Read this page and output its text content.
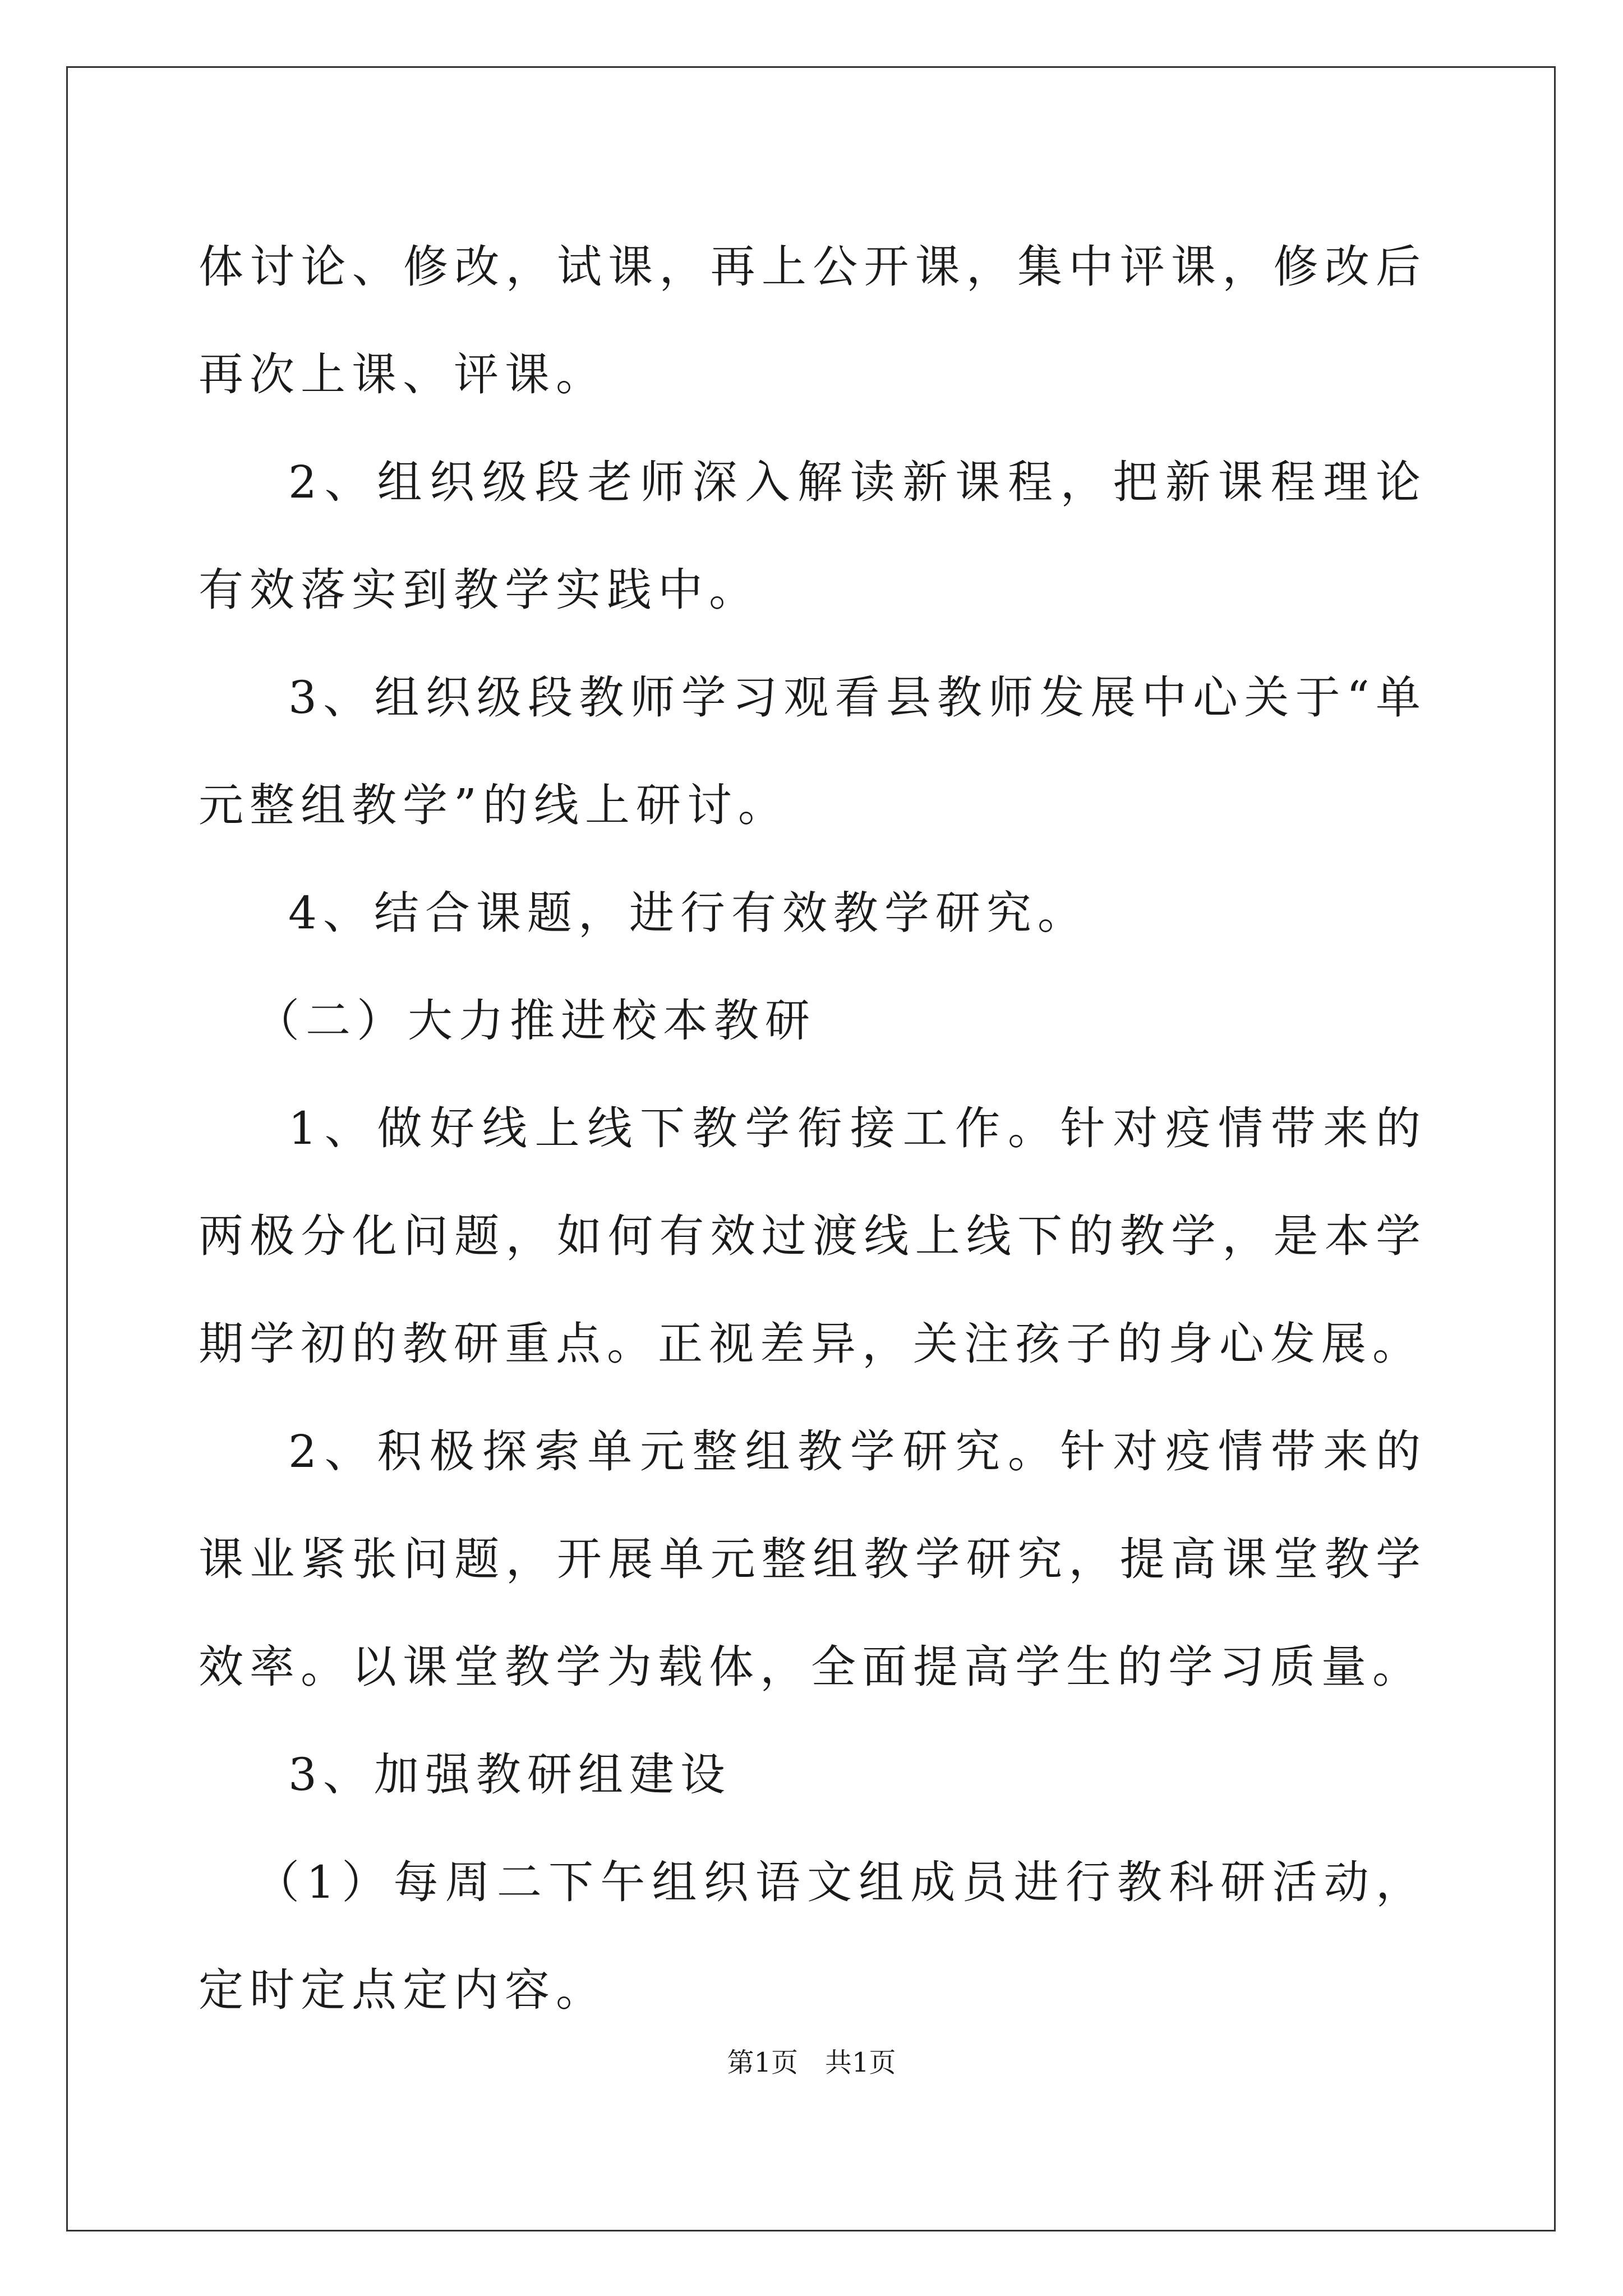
体讨论、修改，试课，再上公开课，集中评课，修改后再次上课、评课。

2、组织级段老师深入解读新课程，把新课程理论有效落实到教学实践中。

3、组织级段教师学习观看县教师发展中心关于“单元整组教学”的线上研讨。

4、结合课题，进行有效教学研究。

（二）大力推进校本教研

1、做好线上线下教学衔接工作。针对疫情带来的两极分化问题，如何有效过渡线上线下的教学，是本学期学初的教研重点。正视差异，关注孩子的身心发展。

2、积极探索单元整组教学研究。针对疫情带来的课业紧张问题，开展单元整组教学研究，提高课堂教学效率。以课堂教学为载体，全面提高学生的学习质量。

3、加强教研组建设

（1）每周二下午组织语文组成员进行教科研活动，定时定点定内容。

第1页 共1页
